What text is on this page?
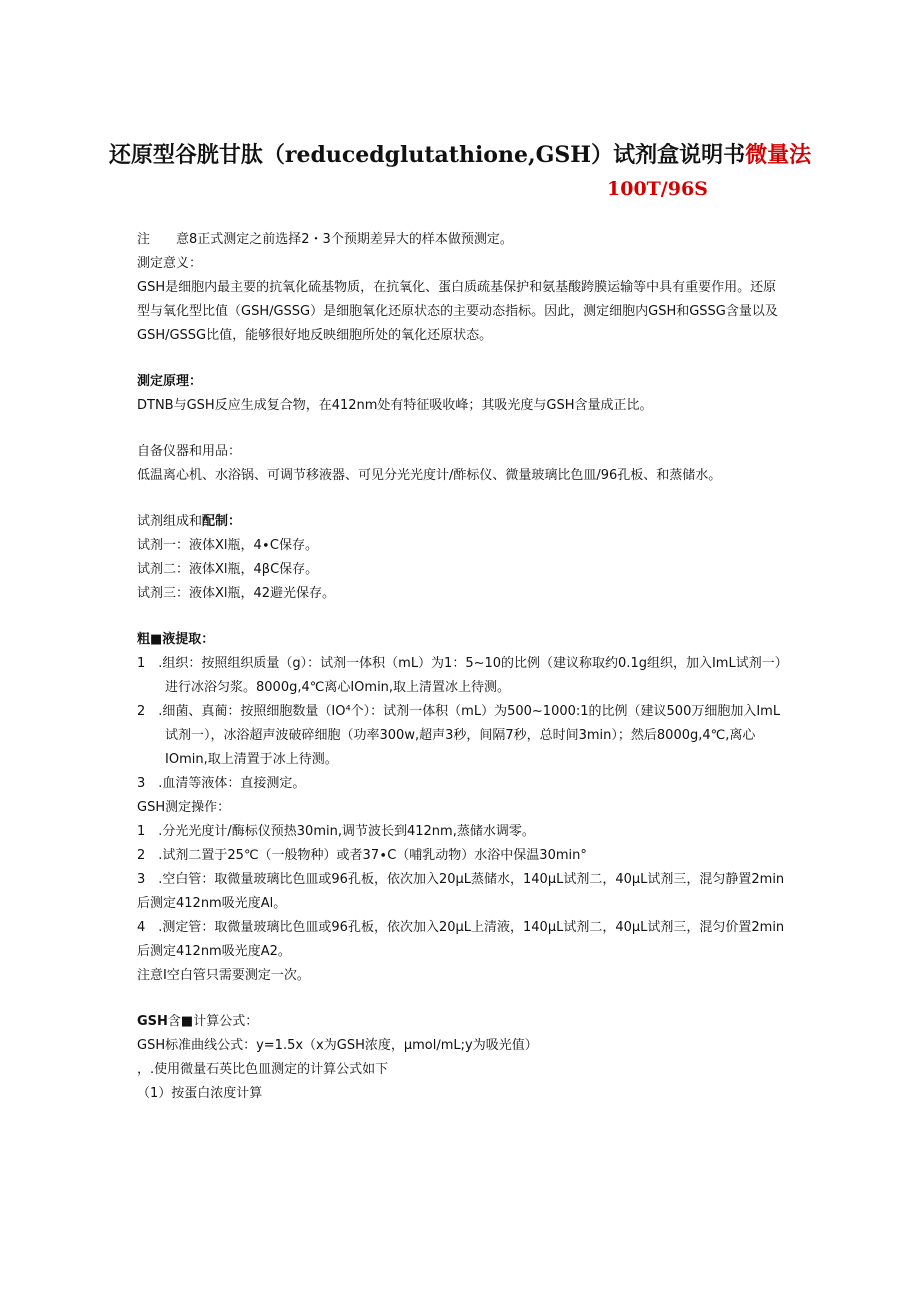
还原型谷胱甘肽（reducedglutathione,GSH）试剂盒说明书微量法
100T/96S
注　　意8正式测定之前选择2・3个预期差异大的样本做预测定。
測定意义：
GSH是细胞内最主要的抗氧化硫基物质，在抗氧化、蛋白质疏基保护和氨基酸跨膜运输等中具有重要作用。还原型与氧化型比值（GSH∕GSSG）是细胞氧化还原状态的主要动态指标。因此，测定细胞内GSH和GSSG含量以及GSH/GSSG比值，能够很好地反映细胞所处的氧化还原状态。
測定原理：
DTNB与GSH反应生成复合物，在412nm处有特征吸收峰；其吸光度与GSH含量成正比。
自备仪器和用品：
低温离心机、水浴锅、可调节移液器、可见分光光度计/酢标仪、微量玻璃比色皿/96孔板、和蒸储水。
试剂组成和配制：
试剂一：液体Xl瓶，4∙C保存。
试剂二：液体Xl瓶，4βC保存。
试剂三：液体Xl瓶，42避光保存。
粗■液提取：
1　.组织：按照组织质量（g）：试剂一体积（mL）为1：5~10的比例（建议称取约0.1g组织，加入ImL试剂一）进行冰浴匀浆。8000g,4℃离心IOmin,取上清置冰上待测。
2　.细菌、真蔺：按照细胞数量（IO⁴个）：试剂一体积（mL）为500~1000:1的比例（建议500万细胞加入ImL试剂一），冰浴超声波破碎细胞（功率300w,超声3秒，间隔7秒，总时间3min）；然后8000g,4℃,离心IOmin,取上清置于冰上待测。
3　.血清等液体：直接测定。
GSH测定操作：
1　.分光光度计/酶标仪预热30min,调节波长到412nm,蒸储水调零。
2　.试剂二置于25℃（一般物种）或者37∙C（哺乳动物）水浴中保温30min°
3　.空白管：取微量玻璃比色皿或96孔板，依次加入20μL蒸储水，140μL试剂二，40μL试剂三，混匀静置2min后测定412nm吸光度Al。
4　.测定管：取微量玻璃比色皿或96孔板，依次加入20μL上清液，140μL试剂二，40μL试剂三，混匀价置2min后测定412nm吸光度A2。
注意I空白管只需要测定一次。
GSH含■计算公式：
GSH标准曲线公式：y=1.5x（x为GSH浓度，μmol∕mL;y为吸光值）
，.使用微量石英比色皿测定的计算公式如下
（1）按蛋白浓度计算
